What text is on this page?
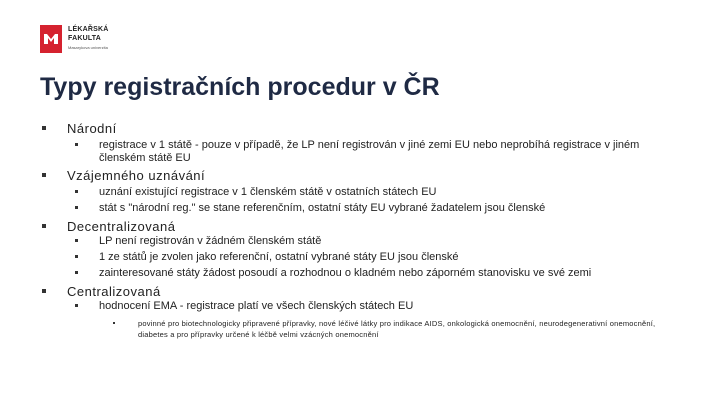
LÉKAŘSKÁ
FAKULTA
Masarykova univerzita
Typy registračních procedur v ČR
Národní
registrace v 1 státě - pouze v případě, že LP není registrován v jiné zemi EU nebo neprobíhá registrace v jiném členském státě EU
Vzájemného uznávání
uznání existující registrace v 1 členském státě v ostatních státech EU
stát s "národní reg." se stane referenčním, ostatní státy EU vybrané žadatelem jsou členské
Decentralizovaná
LP není registrován v žádném členském státě
1 ze států je zvolen jako referenční, ostatní vybrané státy EU jsou členské
zainteresované státy žádost posoudí a rozhodnou o kladném nebo záporném stanovisku ve své zemi
Centralizovaná
hodnocení EMA - registrace platí ve všech členských státech EU
povinné pro biotechnologicky připravené přípravky, nové léčivé látky pro indikace AIDS, onkologická onemocnění, neurodegenerativní onemocnění, diabetes a pro přípravky určené k léčbě velmi vzácných onemocnění
